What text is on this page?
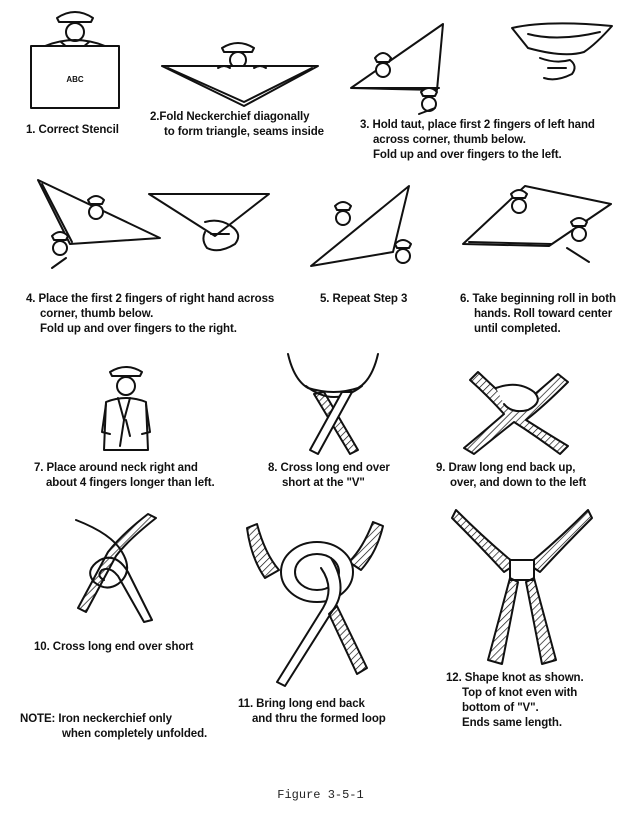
ABC
1. Correct Stencil
2.Fold Neckerchief diagonally
to form triangle, seams inside
3. Hold taut, place first 2 fingers of left hand
across corner, thumb below.
Fold up and over fingers to the left.
4. Place the first 2 fingers of right hand across
corner, thumb below.
Fold up and over fingers to the right.
5. Repeat Step 3	6. Take beginning roll in both
hands. Roll toward center
until completed.
7. Place around neck right and
about 4 fingers longer than left.
8. Cross long end over
short at the "V"
9. Draw long end back up,
over, and down to the left
10. Cross long end over short
11. Bring long end back
and thru the formed loop
12. Shape knot as shown.
Top of knot even with
bottom of "V".
Ends same length.
NOTE: Iron neckerchief only
when completely unfolded.
Figure 3-5-1
